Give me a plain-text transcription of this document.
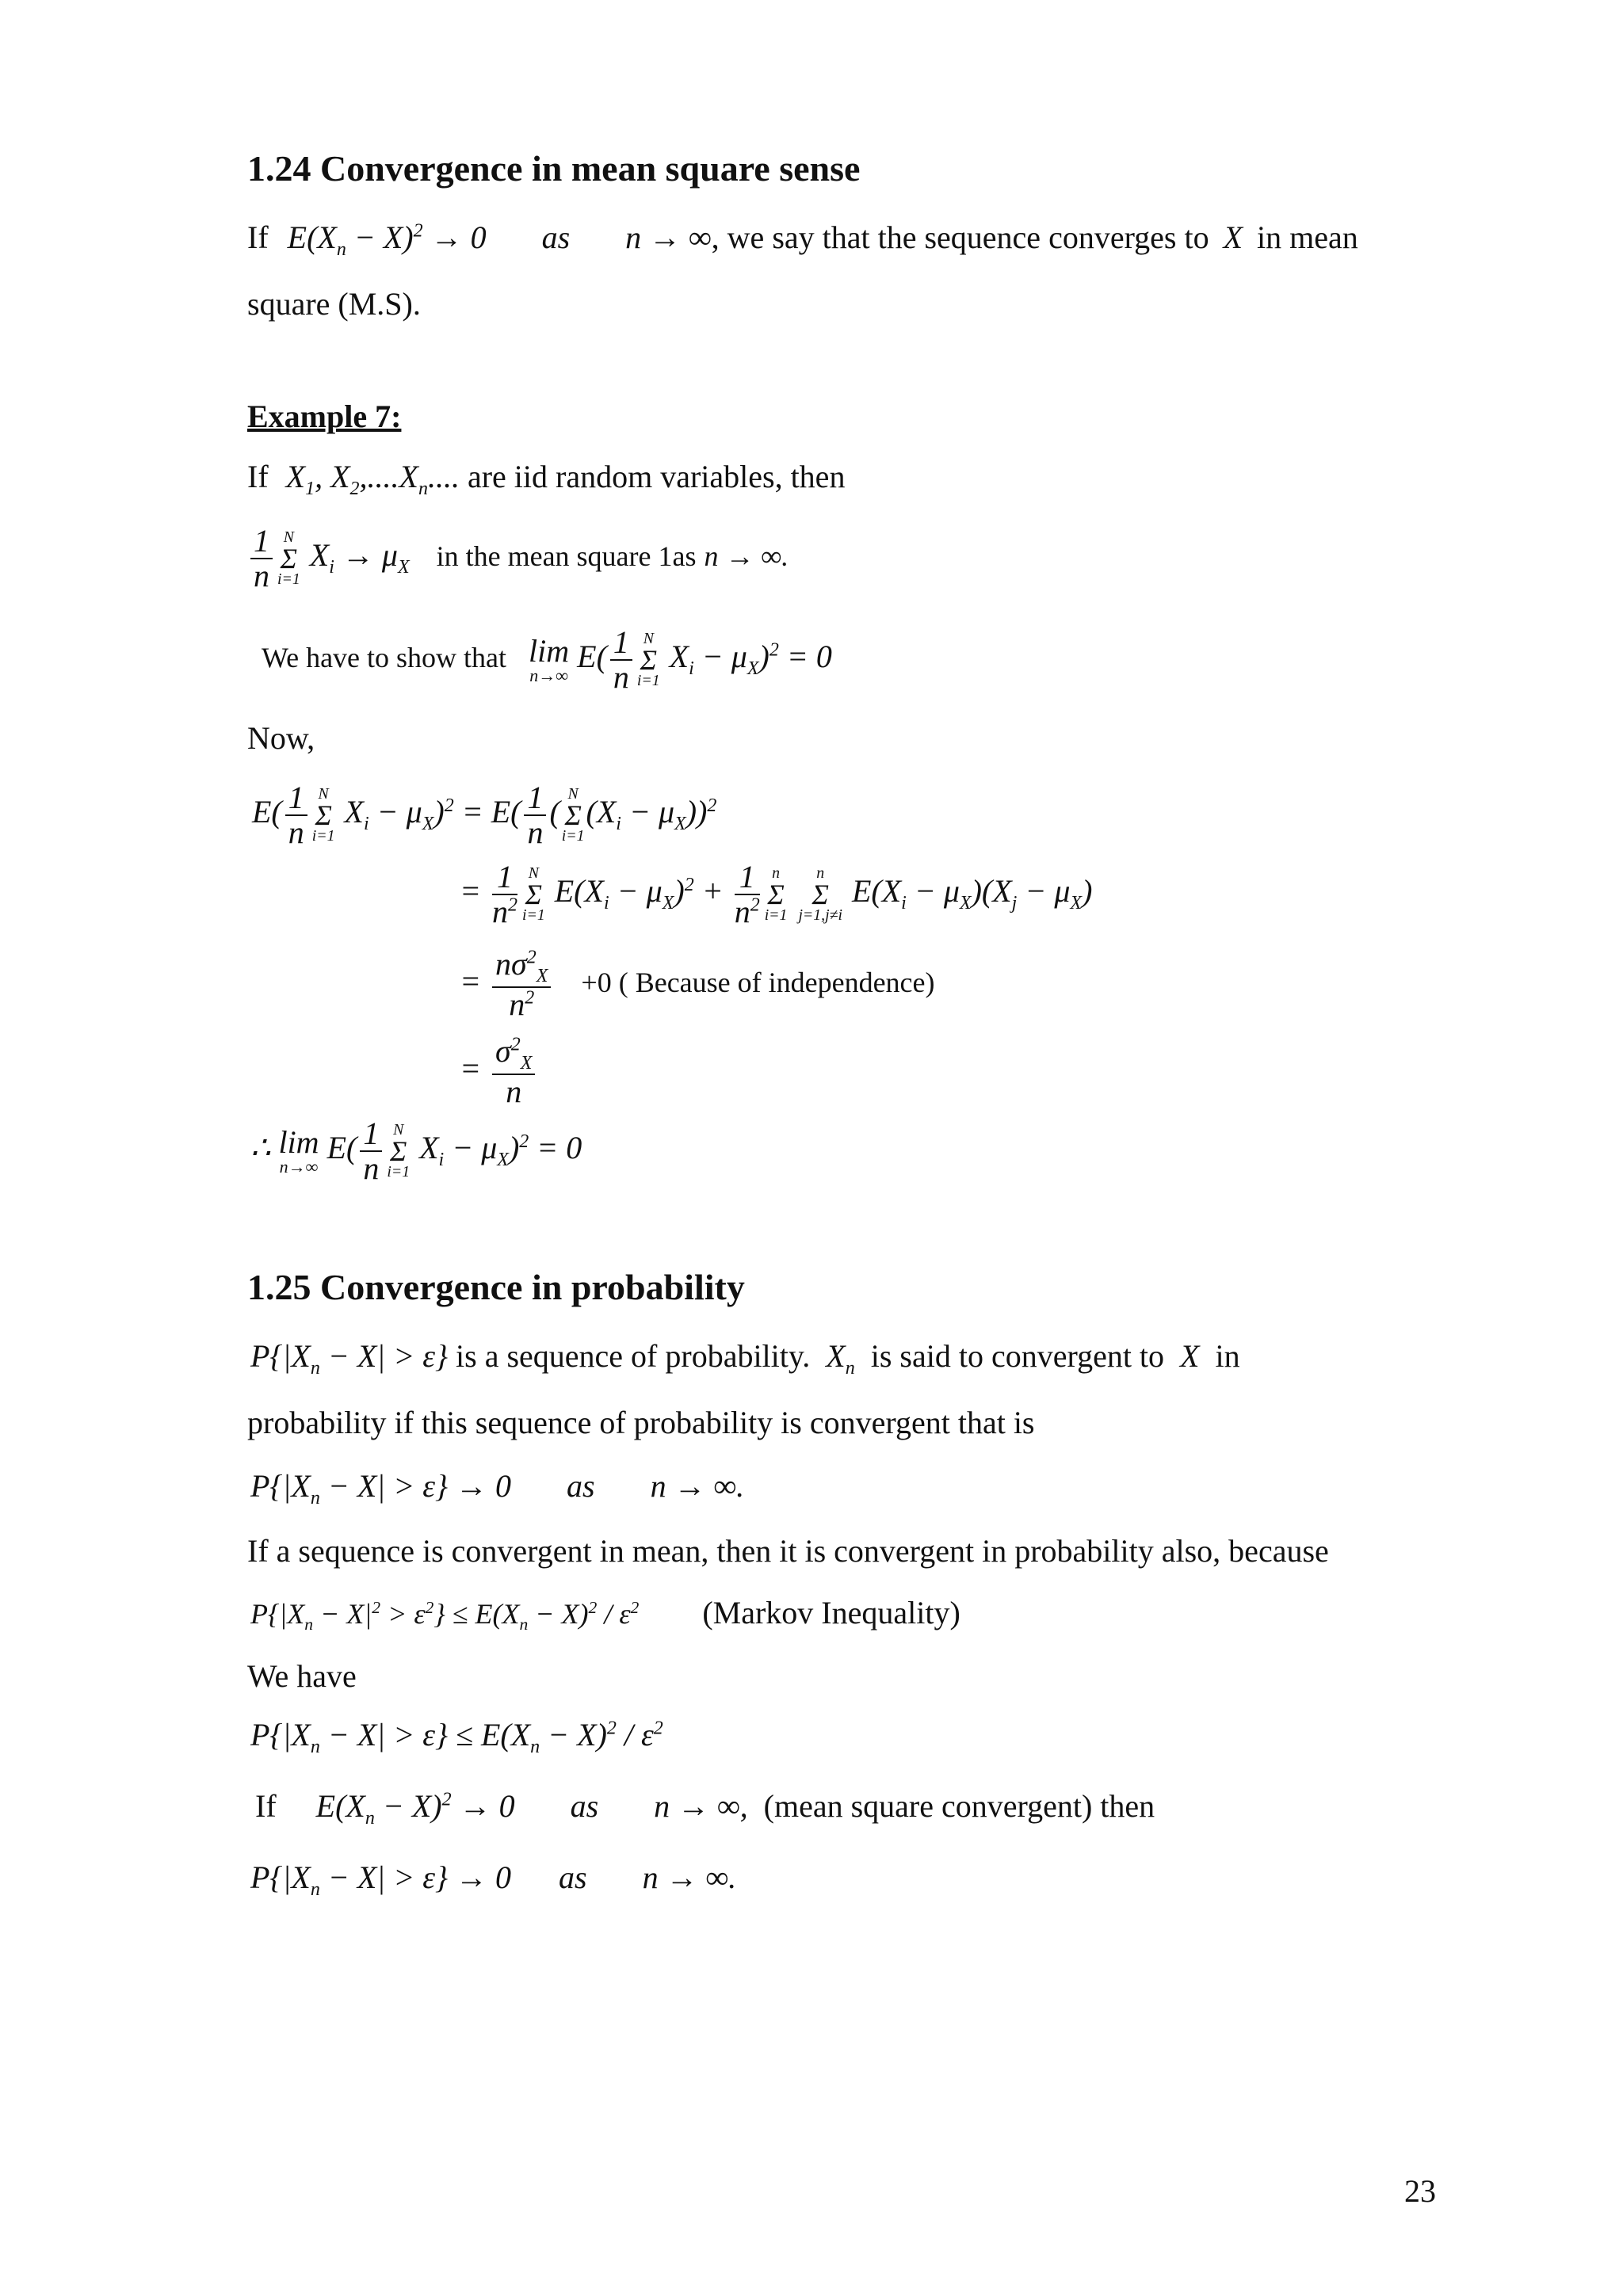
1.24 Convergence in mean square sense
If $E(X_n - X)^2 \to 0$ as n → ∞, we say that the sequence converges to X in mean
square (M.S).
Example 7:
If $X_1$, $X_2,....X_n$.... are iid random variables, then
$\frac{1}{n}$ N
Σ
i=1
$X_i \to \mu_X$ in the mean square 1as n → ∞.
We have to show that lim
n→∞
$E( \frac{1}{n}$ N
Σ
i=1
$X_i - \mu_X)^2 = 0$
Now,
$E( \frac{1}{n}$ N
Σ
i=1
$X_i - \mu_X)^2 = E( \frac{1}{n}$ (
N
Σ
i=1
$(X_i - \mu_X))^2$
= $\frac{1}{n^2}$ N
Σ
i=1
$E(X_i - \mu_X)^2 + \frac{1}{n^2}$ n
Σ
i=1

n
Σ
j=1,j≠i
$E(X_i - \mu_X)(X_j - \mu_X)$
= $\frac{n\sigma^2_X}{n^2} +0$ ( Because of independence)
= $\frac{\sigma^2_X}{n}$
∴ lim
n→∞
$E( \frac{1}{n}$ N
Σ
i=1
$X_i - \mu_X)^2 = 0$
1.25 Convergence in probability
$P\{|X_n - X| > \varepsilon\}$ is a sequence of probability. $X_n$ is said to convergent to X in
probability if this sequence of probability is convergent that is
$P\{|X_n - X| > \varepsilon\} \to 0$ as n → ∞.
If a sequence is convergent in mean, then it is convergent in probability also, because
$P\{|X_n - X|^2 > \varepsilon^2\} \le E(X_n - X)^2 / \varepsilon^2$ (Markov Inequality)
We have
$P\{|X_n - X| > \varepsilon\} \le E(X_n - X)^2 / \varepsilon^2$
If $E(X_n - X)^2 \to 0$ as n → ∞, (mean square convergent) then
$P\{|X_n - X| > \varepsilon\} \to 0$ as n → ∞.
23
